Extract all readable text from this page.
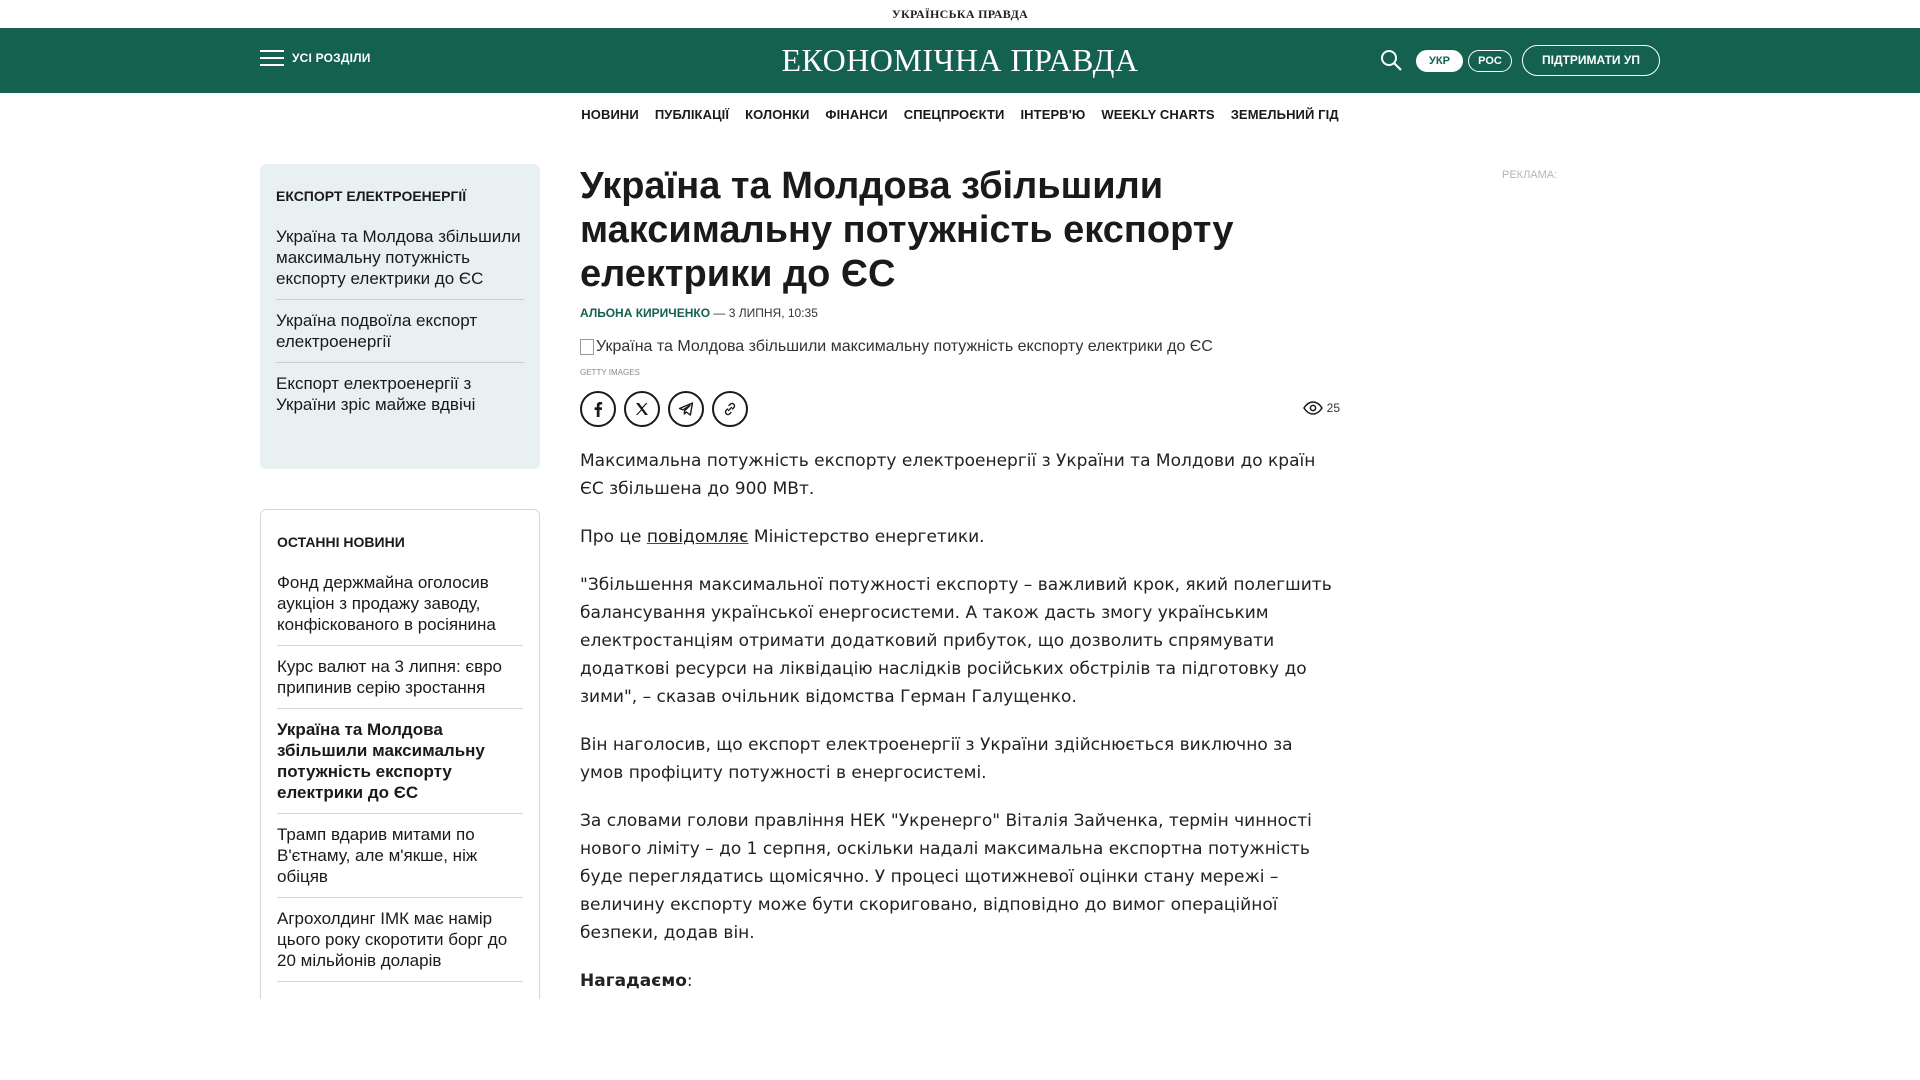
УКРАЇНСЬКА ПРАВДА
УСІ РОЗДІЛИ	ЕКОНОМІЧНА ПРАВДА	УКР	РОС	ПІДТРИМАТИ УП
НОВИНИ ПУБЛІКАЦІЇ КОЛОНКИ ФІНАНСИ СПЕЦПРОЄКТИ ІНТЕРВ'Ю WEEKLY CHARTS ЗЕМЕЛЬНИЙ ГІД
ЕКСПОРТ ЕЛЕКТРОЕНЕРГІЇ
Україна та Молдова збільшили максимальну потужність експорту електрики до ЄС
Україна подвоїла експорт електроенергії
Експорт електроенергії з України зріс майже вдвічі
ОСТАННІ НОВИНИ
Фонд держмайна оголосив аукціон з продажу заводу, конфіскованого в росіянина
Курс валют на 3 липня: євро припинив серію зростання
Україна та Молдова збільшили максимальну потужність експорту електрики до ЄС
Трамп вдарив митами по В'єтнаму, але м'якше, ніж обіцяв
Агрохолдинг ІМК має намір цього року скоротити борг до 20 мільйонів доларів
Україна та Молдова збільшили максимальну потужність експорту електрики до ЄС
АЛЬОНА КИРИЧЕНКО — 3 ЛИПНЯ, 10:35
Україна та Молдова збільшили максимальну потужність експорту електрики до ЄС
GETTY IMAGES
25

Максимальна потужність експорту електроенергії з України та Молдови до країн ЄС збільшена до 900 МВт.

Про це повідомляє Міністерство енергетики.

"Збільшення максимальної потужності експорту – важливий крок, який полегшить балансування української енергосистеми. А також дасть змогу українським електростанціям отримати додатковий прибуток, що дозволить спрямувати додаткові ресурси на ліквідацію наслідків російських обстрілів та підготовку до зими", – сказав очільник відомства Герман Галущенко.

Він наголосив, що експорт електроенергії з України здійснюється виключно за умов профіциту потужності в енергосистемі.

За словами голови правління НЕК "Укренерго" Віталія Зайченка, термін чинності нового ліміту – до 1 серпня, оскільки надалі максимальна експортна потужність буде переглядатись щомісячно. У процесі щотижневої оцінки стану мережі – величину експорту може бути скориговано, відповідно до вимог операційної безпеки, додав він.

Нагадаємо:

РЕКЛАМА:
